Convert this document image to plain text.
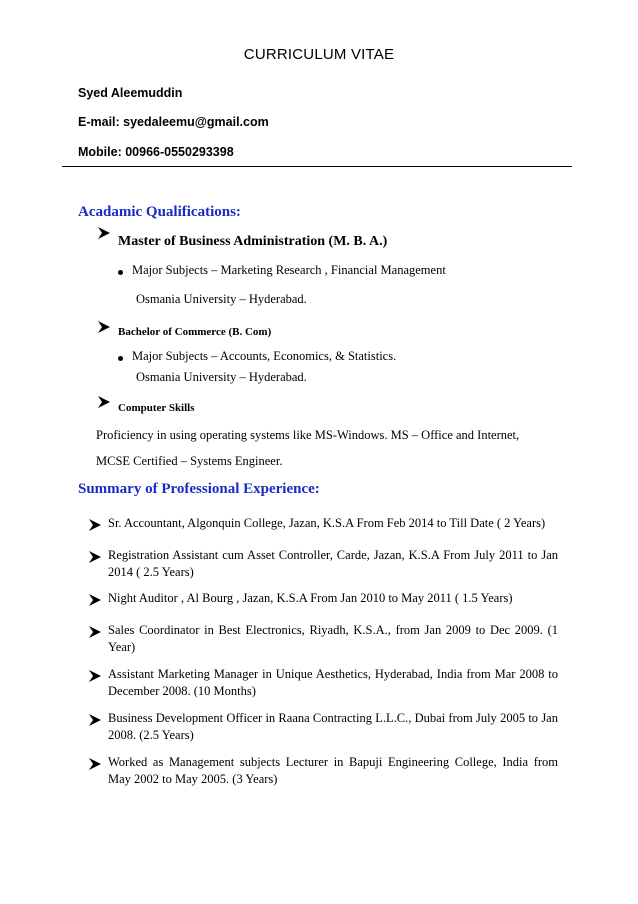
CURRICULUM VITAE
Syed Aleemuddin
E-mail: syedaleemu@gmail.com
Mobile: 00966-0550293398
Acadamic Qualifications:
Master of Business Administration (M. B. A.)
Major Subjects – Marketing Research , Financial Management
Osmania University – Hyderabad.
Bachelor of Commerce (B. Com)
Major Subjects – Accounts, Economics, & Statistics.
Osmania University – Hyderabad.
Computer Skills
Proficiency in using operating systems like MS-Windows. MS – Office and Internet,
MCSE Certified – Systems Engineer.
Summary of Professional Experience:
Sr. Accountant, Algonquin College, Jazan, K.S.A From Feb 2014 to Till Date ( 2 Years)
Registration Assistant cum Asset Controller, Carde, Jazan, K.S.A From July 2011 to Jan 2014 ( 2.5 Years)
Night Auditor , Al Bourg , Jazan, K.S.A From Jan 2010 to May 2011 ( 1.5 Years)
Sales Coordinator in Best Electronics, Riyadh, K.S.A., from Jan 2009 to Dec 2009. (1 Year)
Assistant Marketing Manager in Unique Aesthetics, Hyderabad, India from Mar 2008 to December 2008. (10 Months)
Business Development Officer in Raana Contracting L.L.C., Dubai from July 2005 to Jan 2008. (2.5 Years)
Worked as Management subjects Lecturer in Bapuji Engineering College, India from May 2002 to May 2005. (3 Years)
